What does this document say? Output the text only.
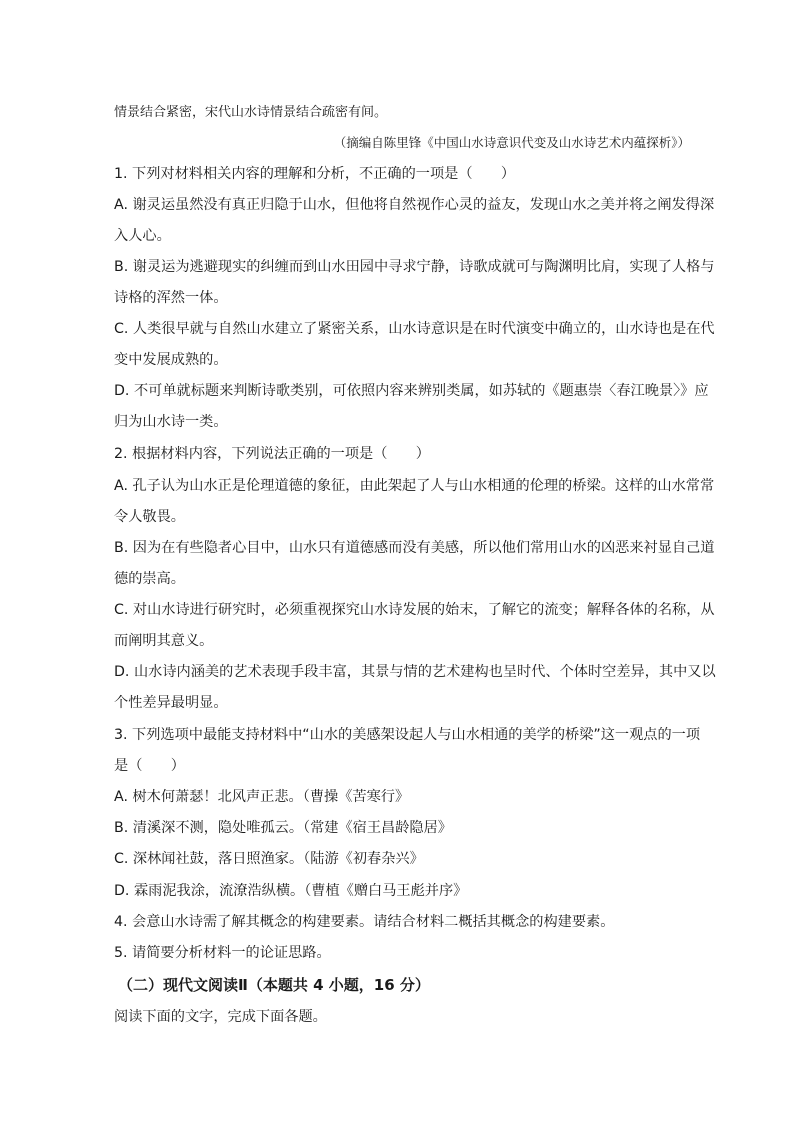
情景结合紧密，宋代山水诗情景结合疏密有间。
（摘编自陈里锋《中国山水诗意识代变及山水诗艺术内蕴探析》）
1. 下列对材料相关内容的理解和分析，不正确的一项是（　　）
A. 谢灵运虽然没有真正归隐于山水，但他将自然视作心灵的益友，发现山水之美并将之阐发得深
入人心。
B. 谢灵运为逃避现实的纠缠而到山水田园中寻求宁静，诗歌成就可与陶渊明比肩，实现了人格与
诗格的浑然一体。
C. 人类很早就与自然山水建立了紧密关系，山水诗意识是在时代演变中确立的，山水诗也是在代
变中发展成熟的。
D. 不可单就标题来判断诗歌类别，可依照内容来辨别类属，如苏轼的《题惠崇〈春江晚景〉》应
归为山水诗一类。
2. 根据材料内容，下列说法正确的一项是（　　）
A. 孔子认为山水正是伦理道德的象征，由此架起了人与山水相通的伦理的桥梁。这样的山水常常
令人敬畏。
B. 因为在有些隐者心目中，山水只有道德感而没有美感，所以他们常用山水的凶恶来衬显自己道
德的崇高。
C. 对山水诗进行研究时，必须重视探究山水诗发展的始末，了解它的流变；解释各体的名称，从
而阐明其意义。
D. 山水诗内涵美的艺术表现手段丰富，其景与情的艺术建构也呈时代、个体时空差异，其中又以
个性差异最明显。
3. 下列选项中最能支持材料中“山水的美感架设起人与山水相通的美学的桥梁”这一观点的一项
是（　　）
A. 树木何萧瑟！北风声正悲。（曹操《苦寒行》
B. 清溪深不测，隐处唯孤云。（常建《宿王昌龄隐居》
C. 深林闻社鼓，落日照渔家。（陆游《初春杂兴》
D. 霖雨泥我涂，流潦浩纵横。（曹植《赠白马王彪并序》
4. 会意山水诗需了解其概念的构建要素。请结合材料二概括其概念的构建要素。
5. 请简要分析材料一的论证思路。
（二）现代文阅读Ⅱ（本题共 4 小题，16 分）
阅读下面的文字，完成下面各题。
